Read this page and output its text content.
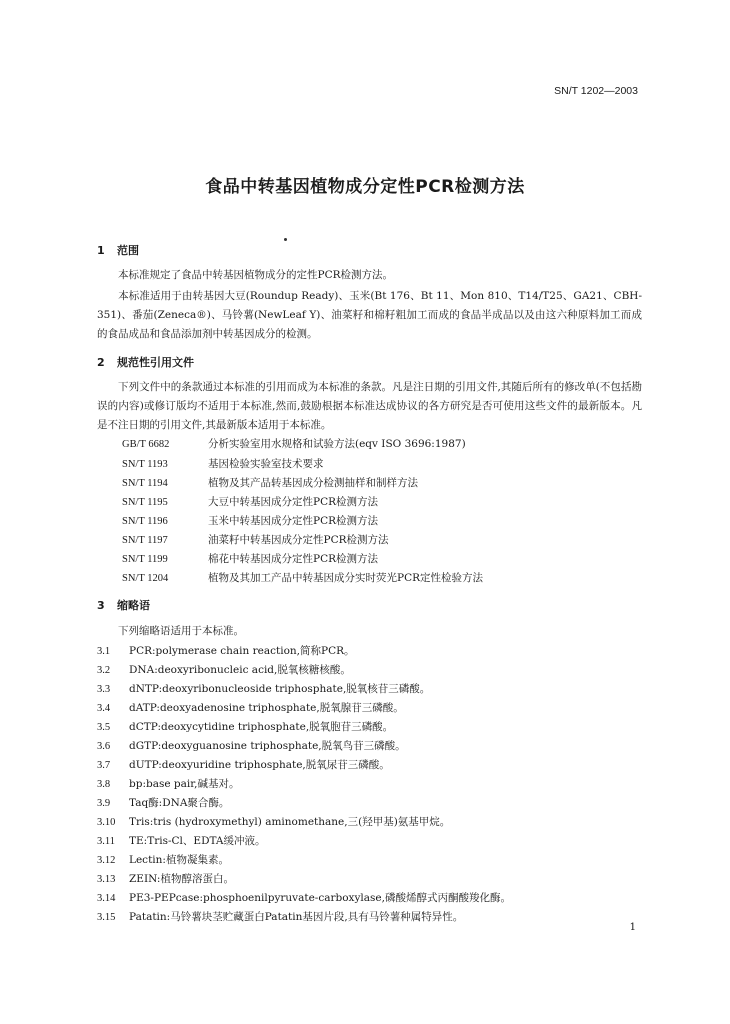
SN/T 1202—2003
食品中转基因植物成分定性PCR检测方法
1 范围
本标准规定了食品中转基因植物成分的定性PCR检测方法。
本标准适用于由转基因大豆(Roundup Ready)、玉米(Bt 176、Bt 11、Mon 810、T14/T25、GA21、CBH-351)、番茄(Zeneca®)、马铃薯(NewLeaf Y)、油菜籽和棉籽粗加工而成的食品半成品以及由这六种原料加工而成的食品成品和食品添加剂中转基因成分的检测。
2 规范性引用文件
下列文件中的条款通过本标准的引用而成为本标准的条款。凡是注日期的引用文件,其随后所有的修改单(不包括勘误的内容)或修订版均不适用于本标准,然而,鼓励根据本标准达成协议的各方研究是否可使用这些文件的最新版本。凡是不注日期的引用文件,其最新版本适用于本标准。
GB/T 6682	分析实验室用水规格和试验方法(eqv ISO 3696:1987)
SN/T 1193	基因检验实验室技术要求
SN/T 1194	植物及其产品转基因成分检测抽样和制样方法
SN/T 1195	大豆中转基因成分定性PCR检测方法
SN/T 1196	玉米中转基因成分定性PCR检测方法
SN/T 1197	油菜籽中转基因成分定性PCR检测方法
SN/T 1199	棉花中转基因成分定性PCR检测方法
SN/T 1204	植物及其加工产品中转基因成分实时荧光PCR定性检验方法
3 缩略语
下列缩略语适用于本标准。
3.1 PCR:polymerase chain reaction,简称PCR。
3.2 DNA:deoxyribonucleic acid,脱氧核糖核酸。
3.3 dNTP:deoxyribonucleoside triphosphate,脱氧核苷三磷酸。
3.4 dATP:deoxyadenosine triphosphate,脱氧腺苷三磷酸。
3.5 dCTP:deoxycytidine triphosphate,脱氧胞苷三磷酸。
3.6 dGTP:deoxyguanosine triphosphate,脱氧鸟苷三磷酸。
3.7 dUTP:deoxyuridine triphosphate,脱氧尿苷三磷酸。
3.8 bp:base pair,碱基对。
3.9 Taq酶:DNA聚合酶。
3.10 Tris:tris (hydroxymethyl) aminomethane,三(羟甲基)氨基甲烷。
3.11 TE:Tris-Cl、EDTA缓冲液。
3.12 Lectin:植物凝集素。
3.13 ZEIN:植物醇溶蛋白。
3.14 PE3-PEPcase:phosphoenilpyruvate-carboxylase,磷酸烯醇式丙酮酸羧化酶。
3.15 Patatin:马铃薯块茎贮藏蛋白Patatin基因片段,具有马铃薯种属特异性。
1
